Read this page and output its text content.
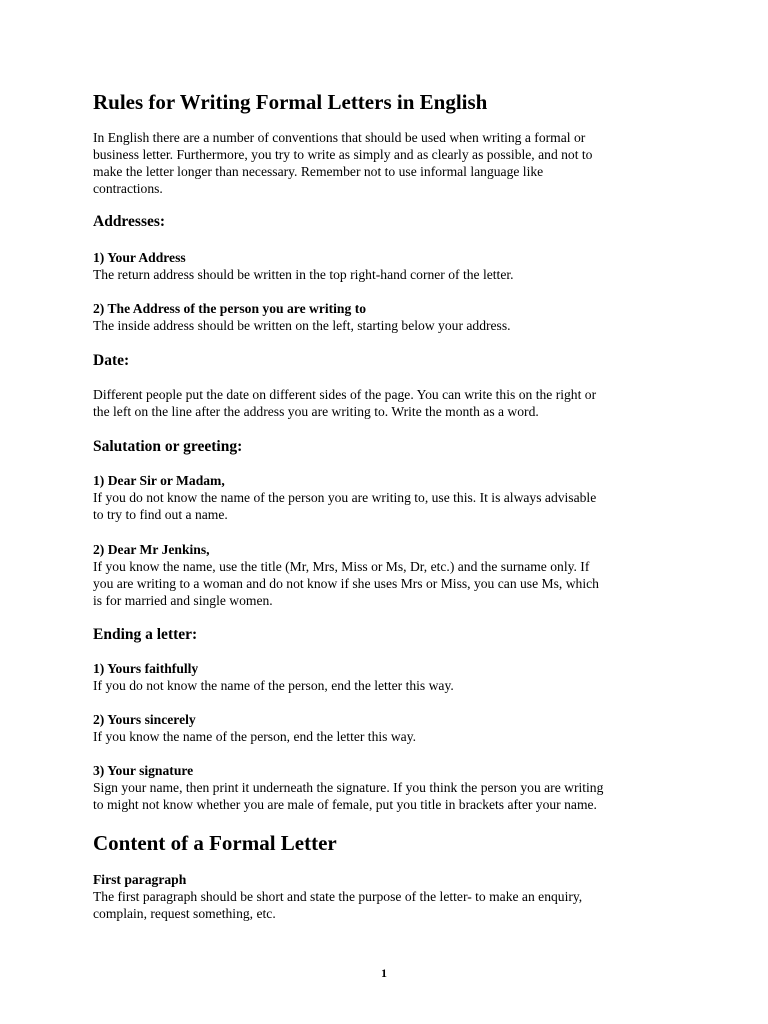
Rules for Writing Formal Letters in English

In English there are a number of conventions that should be used when writing a formal or
business letter. Furthermore, you try to write as simply and as clearly as possible, and not to
make the letter longer than necessary. Remember not to use informal language like
contractions.

Addresses:
1) Your Address
The return address should be written in the top right-hand corner of the letter.
2) The Address of the person you are writing to
The inside address should be written on the left, starting below your address.
Date:

Different people put the date on different sides of the page. You can write this on the right or
the left on the line after the address you are writing to. Write the month as a word.

Salutation or greeting:
1) Dear Sir or Madam,
If you do not know the name of the person you are writing to, use this. It is always advisable
to try to find out a name.
2) Dear Mr Jenkins,
If you know the name, use the title (Mr, Mrs, Miss or Ms, Dr, etc.) and the surname only. If
you are writing to a woman and do not know if she uses Mrs or Miss, you can use Ms, which
is for married and single women.
Ending a letter:
1) Yours faithfully
If you do not know the name of the person, end the letter this way.
2) Yours sincerely
If you know the name of the person, end the letter this way.
3) Your signature
Sign your name, then print it underneath the signature. If you think the person you are writing
to might not know whether you are male of female, put you title in brackets after your name.
Content of a Formal Letter
First paragraph
The first paragraph should be short and state the purpose of the letter- to make an enquiry,
complain, request something, etc.

1
